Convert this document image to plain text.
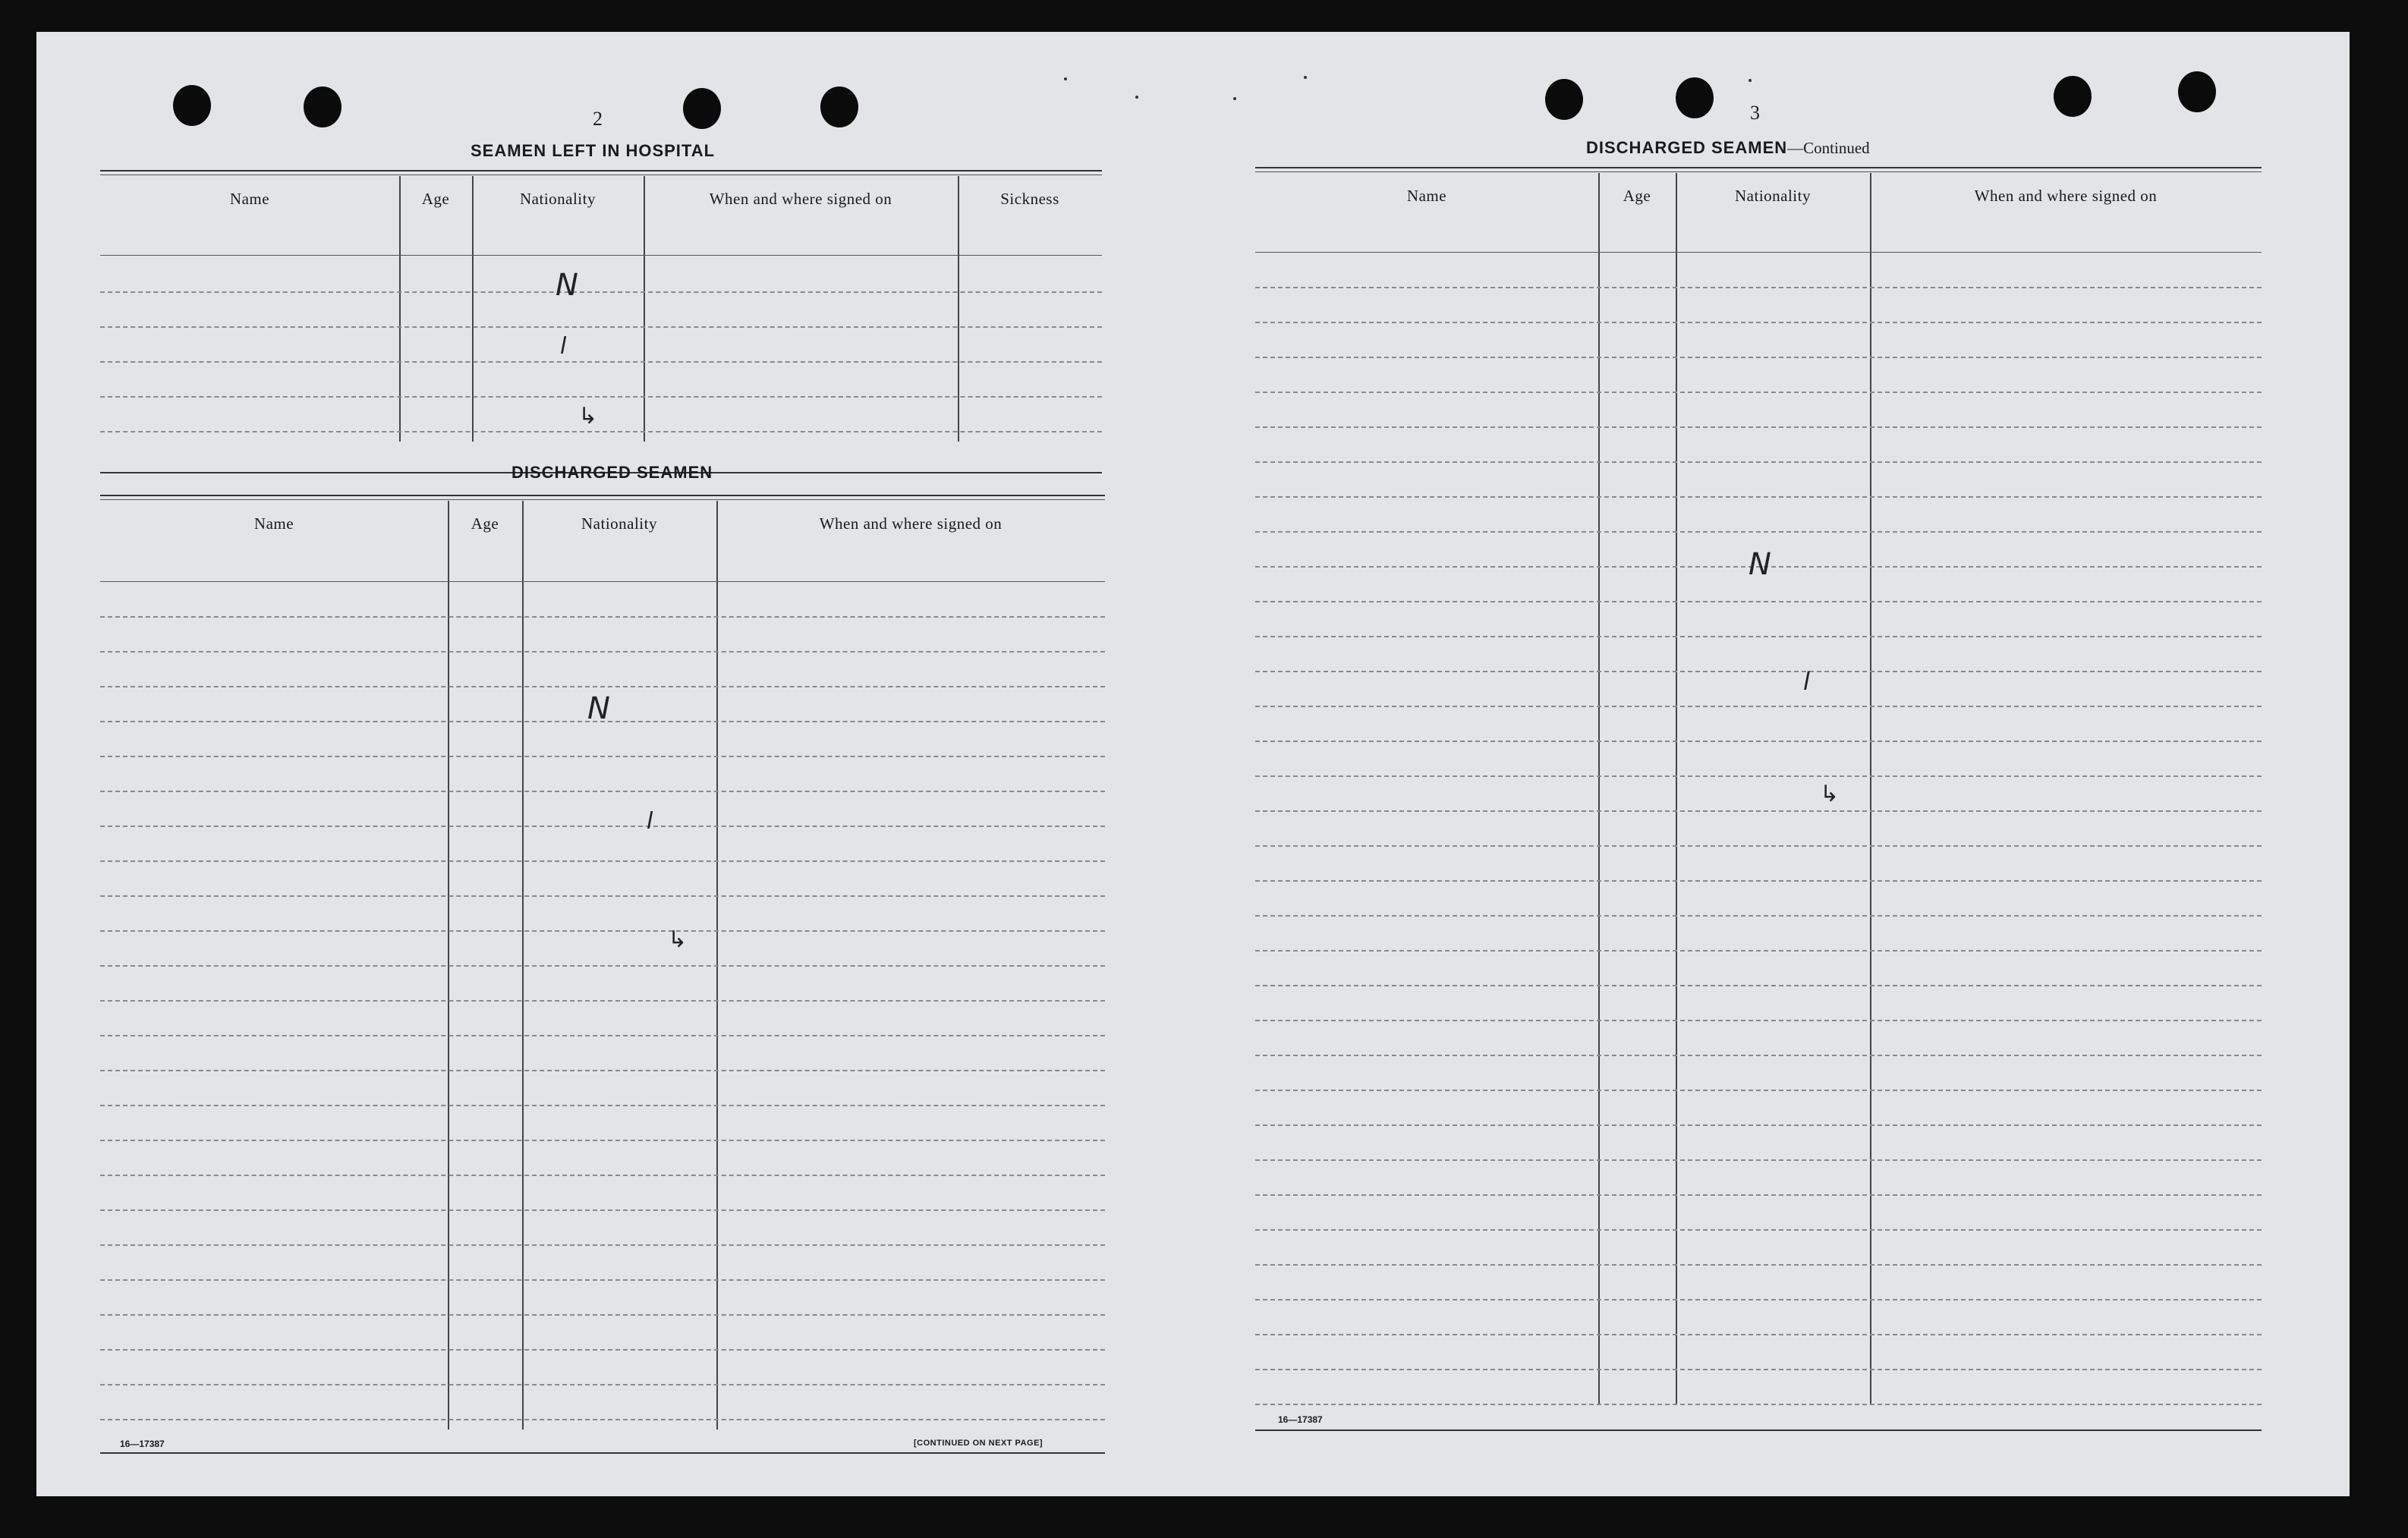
2
SEAMEN LEFT IN HOSPITAL
Name	Age	Nationality	When and where signed on	Sickness
N
l
↳
DISCHARGED SEAMEN
Name	Age	Nationality	When and where signed on
N
l
↳
16—17387	[CONTINUED ON NEXT PAGE]
3
DISCHARGED SEAMEN—Continued
Name	Age	Nationality	When and where signed on
N
l
↳
16—17387
